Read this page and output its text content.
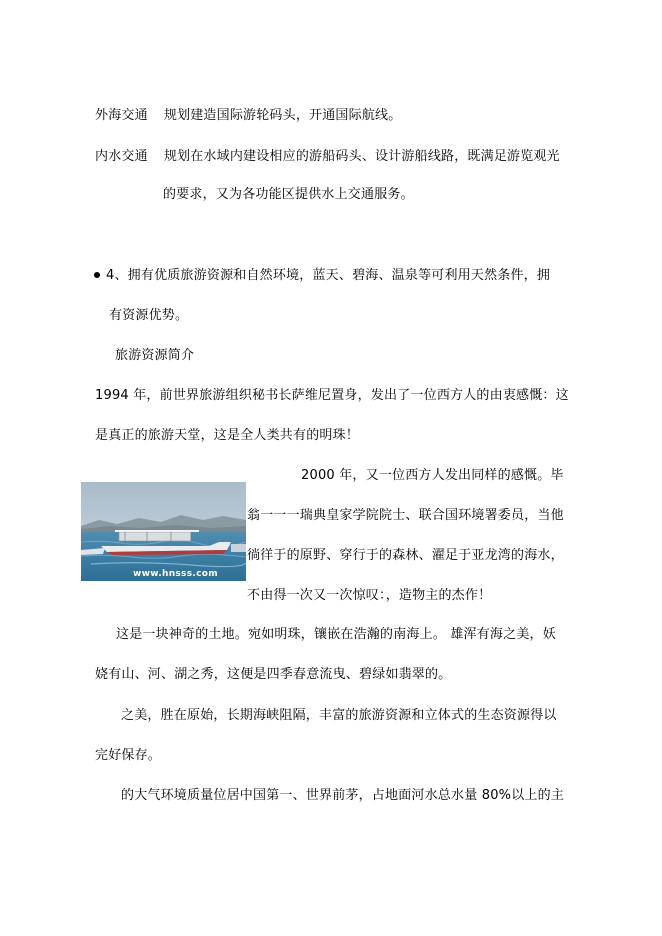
外海交通 规划建造国际游轮码头，开通国际航线。
内水交通 规划在水域内建设相应的游船码头、设计游船线路，既满足游览观光
的要求，又为各功能区提供水上交通服务。
4、拥有优质旅游资源和自然环境，蓝天、碧海、温泉等可利用天然条件，拥
有资源优势。
旅游资源简介
1994 年，前世界旅游组织秘书长萨维尼置身，发出了一位西方人的由衷感慨：这
是真正的旅游天堂，这是全人类共有的明珠！
2000 年，又一位西方人发出同样的感慨。毕
www.hnsss.com
翁一一一瑞典皇家学院院士、联合国环境署委员，当他
徜徉于的原野、穿行于的森林、濯足于亚龙湾的海水，
不由得一次又一次惊叹：，造物主的杰作！
这是一块神奇的土地。宛如明珠，镶嵌在浩瀚的南海上。 雄浑有海之美，妖
娆有山、河、湖之秀，这便是四季春意流曳、碧绿如翡翠的。
之美，胜在原始，长期海峡阻隔，丰富的旅游资源和立体式的生态资源得以
完好保存。
的大气环境质量位居中国第一、世界前茅，占地面河水总水量 80%以上的主
